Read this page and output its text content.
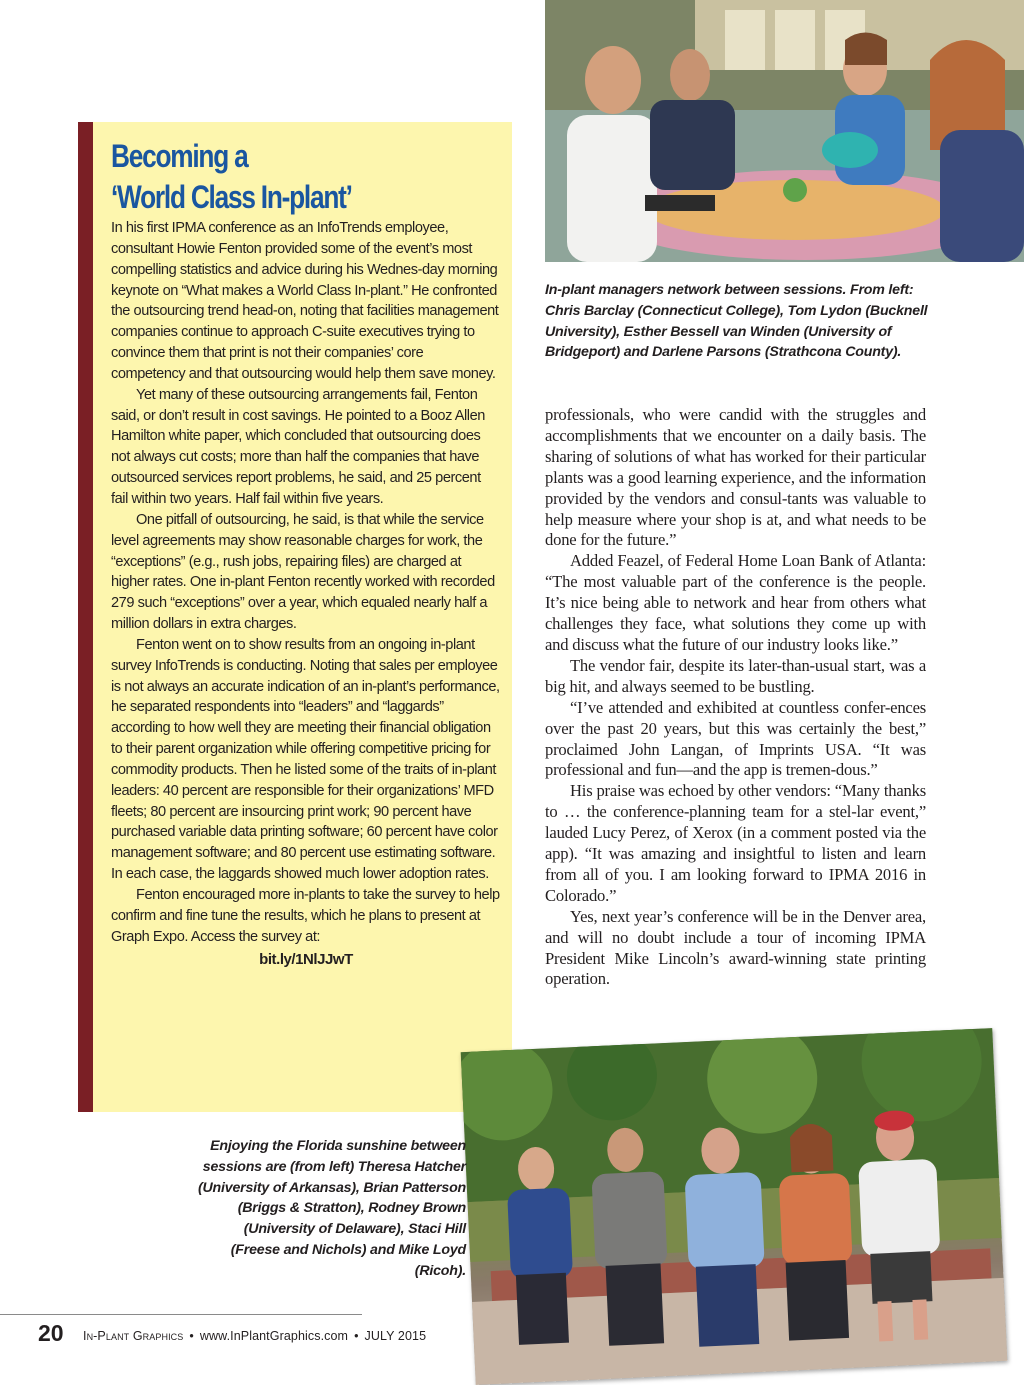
Becoming a
‘World Class In-plant’

In his first IPMA conference as an InfoTrends employee, consultant Howie Fenton provided some of the event’s most compelling statistics and advice during his Wednes-day morning keynote on “What makes a World Class In-plant.” He confronted the outsourcing trend head-on, noting that facilities management companies continue to approach C-suite executives trying to convince them that print is not their companies’ core competency and that outsourcing would help them save money.

Yet many of these outsourcing arrangements fail, Fenton said, or don’t result in cost savings. He pointed to a Booz Allen Hamilton white paper, which concluded that outsourcing does not always cut costs; more than half the companies that have outsourced services report problems, he said, and 25 percent fail within two years. Half fail within five years.

One pitfall of outsourcing, he said, is that while the service level agreements may show reasonable charges for work, the “exceptions” (e.g., rush jobs, repairing files) are charged at higher rates. One in-plant Fenton recently worked with recorded 279 such “exceptions” over a year, which equaled nearly half a million dollars in extra charges.

Fenton went on to show results from an ongoing in-plant survey InfoTrends is conducting. Noting that sales per employee is not always an accurate indication of an in-plant’s performance, he separated respondents into “leaders” and “laggards” according to how well they are meeting their financial obligation to their parent organization while offering competitive pricing for commodity products. Then he listed some of the traits of in-plant leaders: 40 percent are responsible for their organizations’ MFD fleets; 80 percent are insourcing print work; 90 percent have purchased variable data printing software; 60 percent have color management software; and 80 percent use estimating software. In each case, the laggards showed much lower adoption rates.

Fenton encouraged more in-plants to take the survey to help confirm and fine tune the results, which he plans to present at Graph Expo. Access the survey at:

bit.ly/1NlJJwT

In-plant managers network between sessions. From left: Chris Barclay (Connecticut College), Tom Lydon (Bucknell University), Esther Bessell van Winden (University of Bridgeport) and Darlene Parsons (Strathcona County).

professionals, who were candid with the struggles and accomplishments that we encounter on a daily basis. The sharing of solutions of what has worked for their particular plants was a good learning experience, and the information provided by the vendors and consul-tants was valuable to help measure where your shop is at, and what needs to be done for the future.”

Added Feazel, of Federal Home Loan Bank of Atlanta: “The most valuable part of the conference is the people. It’s nice being able to network and hear from others what challenges they face, what solutions they come up with and discuss what the future of our industry looks like.”

The vendor fair, despite its later-than-usual start, was a big hit, and always seemed to be bustling.

“I’ve attended and exhibited at countless confer-ences over the past 20 years, but this was certainly the best,” proclaimed John Langan, of Imprints USA. “It was professional and fun—and the app is tremen-dous.”

His praise was echoed by other vendors: “Many thanks to … the conference-planning team for a stel-lar event,” lauded Lucy Perez, of Xerox (in a comment posted via the app). “It was amazing and insightful to listen and learn from all of you. I am looking forward to IPMA 2016 in Colorado.”

Yes, next year’s conference will be in the Denver area, and will no doubt include a tour of incoming IPMA President Mike Lincoln’s award-winning state printing operation.

Enjoying the Florida sunshine between sessions are (from left) Theresa Hatcher (University of Arkansas), Brian Patterson (Briggs & Stratton), Rodney Brown (University of Delaware), Staci Hill (Freese and Nichols) and Mike Loyd (Ricoh).
20 In-Plant Graphics • www.InPlantGraphics.com • JULY 2015
